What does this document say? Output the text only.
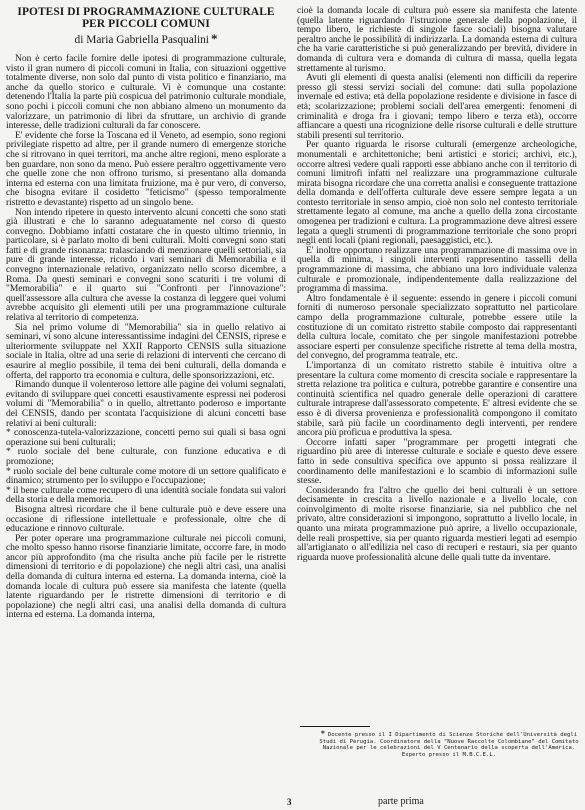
IPOTESI DI PROGRAMMAZIONE CULTURALE
PER PICCOLI COMUNI
di Maria Gabriella Pasqualini *

Non è certo facile fornire delle ipotesi di programmazione culturale, visto il gran numero di piccoli comuni in Italia, con situazioni oggettive totalmente diverse, non solo dal punto di vista politico e finanziario, ma anche da quello storico e culturale. Vi è comunque una costante: detenendo l'Italia la parte più cospicua del patrimonio culturale mondiale, sono pochi i piccoli comuni che non abbiano almeno un monumento da valorizzare, un patrimonio di libri da sfruttare, un archivio di grande interesse, delle tradizioni culturali da far conoscere.

E' evidente che forse la Toscana ed il Veneto, ad esempio, sono regioni privilegiate rispetto ad altre, per il grande numero di emergenze storiche che si ritrovano in quei territori, ma anche altre regioni, meno esplorate a ben guardare, non sono da meno. Può essere peraltro oggettivamente vero che quelle zone che non offrono turismo, si presentano alla domanda interna ed esterna con una limitata fruizione, ma è pur vero, di converso, che bisogna evitare il cosidetto "feticismo" (spesso temporalmente ristretto e devastante) rispetto ad un singolo bene.

Non intendo ripetere in questo intervento alcuni concetti che sono stati già illustrati e che lo saranno adeguatamente nel corso di questo convegno. Dobbiamo infatti costatare che in questo ultimo triennio, in particolare, si è parlato molto di beni culturali. Molti convegni sono stati fatti e di grande risonanza: tralasciando di menzionare quelli settoriali, sia pure di grande interesse, ricordo i vari seminari di Memorabilia e il convegno internazionale relativo, organizzato nello scorso dicembre, a Roma. Da questi seminari e convegni sono scaturiti i tre volumi di "Memorabilia" e il quarto sui "Confronti per l'innovazione": quell'assessore alla cultura che avesse la costanza di leggere quei volumi avrebbe acquisito gli elementi utili per una programmazione culturale relativa al territorio di competenza.

Sia nel primo volume di "Memorabilia" sia in quello relativo ai seminari, vi sono alcune interessantissime indagini del CENSIS, riprese e ulteriormente sviluppate nel XXII Rapporto CENSIS sulla situazione sociale in Italia, oltre ad una serie di relazioni di interventi che cercano di esaurire al meglio possibile, il tema dei beni culturali, della domanda e offerta, del rapporto tra economia e cultura, delle sponsorizzazioni, etc.

Rimando dunque il volenteroso lettore alle pagine dei volumi segnalati, evitando di sviluppare quei concetti esaustivamente espressi nei poderosi volumi di "Memorabilia" o in quello, altrettanto poderoso e importante del CENSIS, dando per scontata l'acquisizione di alcuni concetti base relativi ai beni culturali:

* conoscenza-tutela-valorizzazione, concetti perno sui quali si basa ogni operazione sui beni culturali;

* ruolo sociale del bene culturale, con funzione educativa e di promozione;

* ruolo sociale del bene culturale come motore di un settore qualificato e dinamico; strumento per lo sviluppo e l'occupazione;

* il bene culturale come recupero di una identità sociale fondata sui valori della storia e della memoria.

Bisogna altresì ricordare che il bene culturale può e deve essere una occasione di riflessione intellettuale e professionale, oltre che di educazione e rinnovo culturale.

Per poter operare una programmazione culturale nei piccoli comuni, che molto spesso hanno risorse finanziarie limitate, occorre fare, in modo ancor più approfondito (ma che risulta anche più facile per le ristrette dimensioni di territorio e di popolazione) che negli altri casi, una analisi della domanda di cultura interna ed esterna. La domanda interna, cioè la domanda locale di cultura può essere sia manifesta che latente (quella latente riguardando per le ristrette dimensioni di territorio e di popolazione) che negli altri casi, una analisi della domanda di cultura interna ed esterna. La domanda interna,

cioè la domanda locale di cultura può essere sia manifesta che latente (quella latente riguardando l'istruzione generale della popolazione, il tempo libero, le richieste di singole fasce sociali) bisogna valutare peraltro anche le possibilità di indirizzarla. La domanda esterna di cultura che ha varie caratteristiche si può generalizzando per brevità, dividere in domanda di cultura vera e domanda di cultura di massa, quella legata strettamente al turismo.

Avuti gli elementi di questa analisi (elementi non difficili da reperire presso gli stessi servizi sociali del comune: dati sulla popolazione invernale ed estiva; età della popolazione residente e divisione in fasce di età; scolarizzazione; problemi sociali dell'area emergenti: fenomeni di criminalità e droga fra i giovani; tempo libero e terza età), occorre affiancare a questi una ricognizione delle risorse culturali e delle strutture stabili presenti sul territorio.

Per quanto riguarda le risorse culturali (emergenze archeologiche, monumentali e architettoniche; beni artistici e storici; archivi, etc.), occorre altresì vedere quali rapporti esse abbiano anche con il territorio di comuni limitrofi infatti nel realizzare una programmazione culturale mirata bisogna ricordare che una corretta analisi e conseguente trattazione della domanda e dell'offerta culturale deve essere sempre legata a un contesto territoriale in senso ampio, cioè non solo nel contesto territoriale strettamente legato al comune, ma anche a quello della zona circostante omogenea per tradizioni e cultura. La programmazione deve altresì essere legata a quegli strumenti di programmazione territoriale che sono propri negli enti locali (piani regionali, paesaggistici, etc.).

E' inoltre opportuno realizzare una programmazione di massima ove in quella di minima, i singoli interventi rappresentino tasselli della programmazione di massima, che abbiano una loro individuale valenza culturale e promozionale, indipendentemente dalla realizzazione del programma di massima.

Altro fondamentale è il seguente: essendo in genere i piccoli comuni forniti di numeroso personale specializzato soprattutto nel particolare campo della programmazione culturale, potrebbe essere utile la costituzione di un comitato ristretto stabile composto dai rappresentanti della cultura locale, comitato che per singole manifestazioni potrebbe associare esperti per consulenze specifiche ristrette al tema della mostra, del convegno, del programma teatrale, etc.

L'importanza di un comitato ristretto stabile è intuitiva oltre a presentare la cultura come momento di crescita sociale e rappresentare la stretta relazione tra politica e cultura, potrebbe garantire e consentire una continuità scientifica nel quadro generale delle operazioni di carattere culturale intraprese dall'assessorato competente. E' altresì evidente che se esso è di diversa provenienza e professionalità compongono il comitato stabile, sarà più facile un coordinamento degli interventi, per rendere ancora più proficua e produttiva la spesa.

Occorre infatti saper "programmare per progetti integrati che riguardino più aree di interesse culturale e sociale e questo deve essere fatto in sede consultiva specifica ove appunto si possa realizzare il coordinamento delle manifestazioni e lo scambio di informazioni sulle stesse.

Considerando fra l'altro che quello dei beni culturali è un settore decisamente in crescita a livello nazionale e a livello locale, con coinvolgimento di molte risorse finanziarie, sia nel pubblico che nel privato, altre considerazioni si impongono, soprattutto a livello locale, in quanto una mirata programmazione può aprire, a livello occupazionale, delle reali prospettive, sia per quanto riguarda mestieri legati ad esempio all'artigianato o all'edilizia nel caso di recuperi e restauri, sia per quanto riguarda nuove professionalità alcune delle quali tutte da inventare.

* Docente presso il I Dipartimento di Scienze Storiche dell'Università degli Studi di Perugia. Coordinatore della "Nuove Raccolte Colombiane" del Comitato Nazionale per le celebrazioni del V Centenario della scoperta dell'America. Esperto presso il M.B.C.E.L.
3	parte prima
